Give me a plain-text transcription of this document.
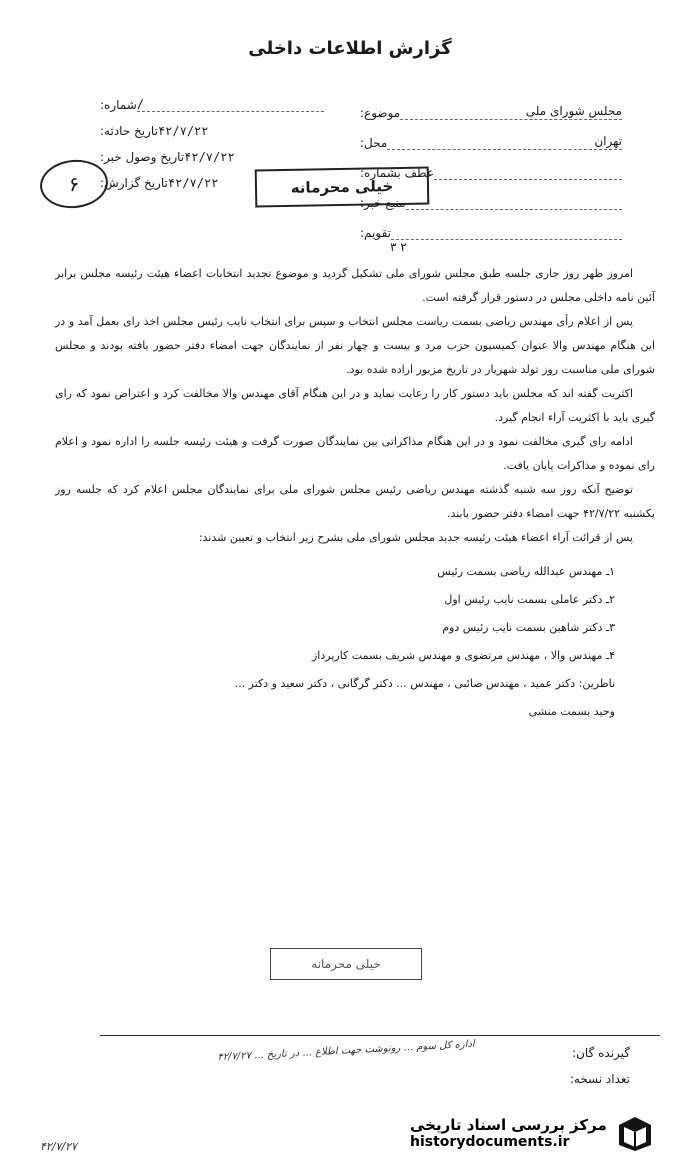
گزارش اطلاعات داخلی
موضوع:	مجلس شورای ملی
محل:	تهران
عطف بشماره:
منبع خبر:
تقویم:
۲ ۳
شماره: /
تاریخ حادثه: ۴۲/۷/۲۲
تاریخ وصول خبر: ۴۲/۷/۲۲
تاریخ گزارش: ۴۲/۷/۲۲
۶	خیلی محرمانه

امروز ظهر روز جاری جلسه طبق مجلس شورای ملی تشکیل گردید و موضوع تجدید انتخابات اعضاء هیئت رئیسه مجلس برابر آئین نامه داخلی مجلس در دستور قرار گرفته است.

پس از اعلام رأی مهندس ریاضی بسمت ریاست مجلس انتخاب و سپس برای انتخاب نایب رئیس مجلس اخذ رای بعمل آمد و در این هنگام مهندس والا عنوان کمیسیون حزب مرد و بیست و چهار نفر از نمایندگان جهت امضاء دفتر حضور یافته بودند و مجلس شورای ملی مناسبت روز تولد شهریار در تاریخ مزبور اراده شده بود.

اکثریت گفته اند که مجلس باید دستور کار را رعایت نماید و در این هنگام آقای مهندس والا مخالفت کرد و اعتراض نمود که رای گیری باید با اکثریت آراء انجام گیرد.

ادامه رای گیری مخالفت نمود و در این هنگام مذاکراتی بین نمایندگان صورت گرفت و هیئت رئیسه جلسه را اداره نمود و اعلام رای نموده و مذاکرات پایان یافت.

توضیح آنکه روز سه شنبه گذشته مهندس ریاضی رئیس مجلس شورای ملی برای نمایندگان مجلس اعلام کرد که جلسه روز یکشنبه ۴۲/۷/۲۲ جهت امضاء دفتر حضور یابند.

پس از قرائت آراء اعضاء هیئت رئیسه جدید مجلس شورای ملی بشرح زیر انتخاب و تعیین شدند:

۱ـ مهندس عبدالله ریاضی بسمت رئیس
۲ـ دکتر عاملی بسمت نایب رئیس اول
۳ـ دکتر شاهین بسمت نایب رئیس دوم
۴ـ مهندس والا ، مهندس مرتضوی و مهندس شریف بسمت کارپرداز
ناظرین: دکتر عمید ، مهندس صائبی ، مهندس ... دکتر گرگانی ، دکتر سعید و دکتر ...
وحید بسمت منشی
خیلی محرمانه
گیرنده گان:
تعداد نسخه:
اداره کل سوم ... رونوشت جهت اطلاع ... در تاریخ ... ۴۲/۷/۲۷
۴۲/۷/۲۷
مرکز بررسی اسناد تاریخی
historydocuments.ir
